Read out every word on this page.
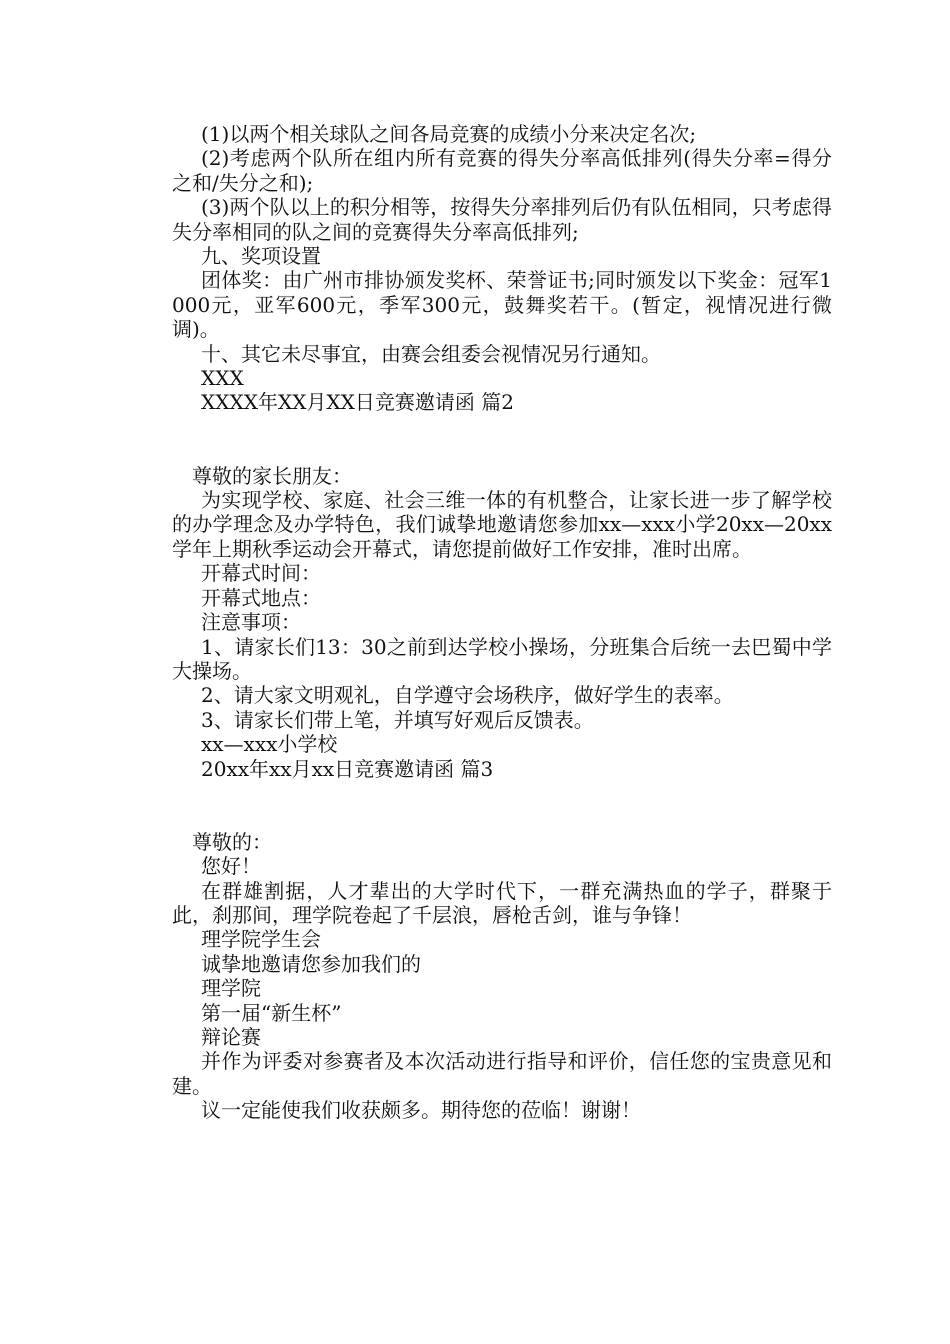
(1)以两个相关球队之间各局竞赛的成绩小分来决定名次;

(2)考虑两个队所在组内所有竞赛的得失分率高低排列(得失分率=得分之和/失分之和);

(3)两个队以上的积分相等，按得失分率排列后仍有队伍相同，只考虑得失分率相同的队之间的竞赛得失分率高低排列;

九、奖项设置

团体奖：由广州市排协颁发奖杯、荣誉证书;同时颁发以下奖金：冠军1000元，亚军600元，季军300元，鼓舞奖若干。(暂定，视情况进行微调)。

十、其它未尽事宜，由赛会组委会视情况另行通知。

XXX

XXXX年XX月XX日竞赛邀请函 篇2

尊敬的家长朋友：

为实现学校、家庭、社会三维一体的有机整合，让家长进一步了解学校的办学理念及办学特色，我们诚挚地邀请您参加xx—xxx小学20xx—20xx学年上期秋季运动会开幕式，请您提前做好工作安排，准时出席。

开幕式时间：

开幕式地点：

注意事项：

1、请家长们13：30之前到达学校小操场，分班集合后统一去巴蜀中学大操场。

2、请大家文明观礼，自学遵守会场秩序，做好学生的表率。

3、请家长们带上笔，并填写好观后反馈表。

xx—xxx小学校

20xx年xx月xx日竞赛邀请函 篇3

尊敬的：

您好！

在群雄割据，人才辈出的大学时代下，一群充满热血的学子，群聚于此，刹那间，理学院卷起了千层浪，唇枪舌剑，谁与争锋！

理学院学生会

诚挚地邀请您参加我们的

理学院

第一届“新生杯”

辩论赛

并作为评委对参赛者及本次活动进行指导和评价，信任您的宝贵意见和建。

议一定能使我们收获颇多。期待您的莅临！谢谢！
